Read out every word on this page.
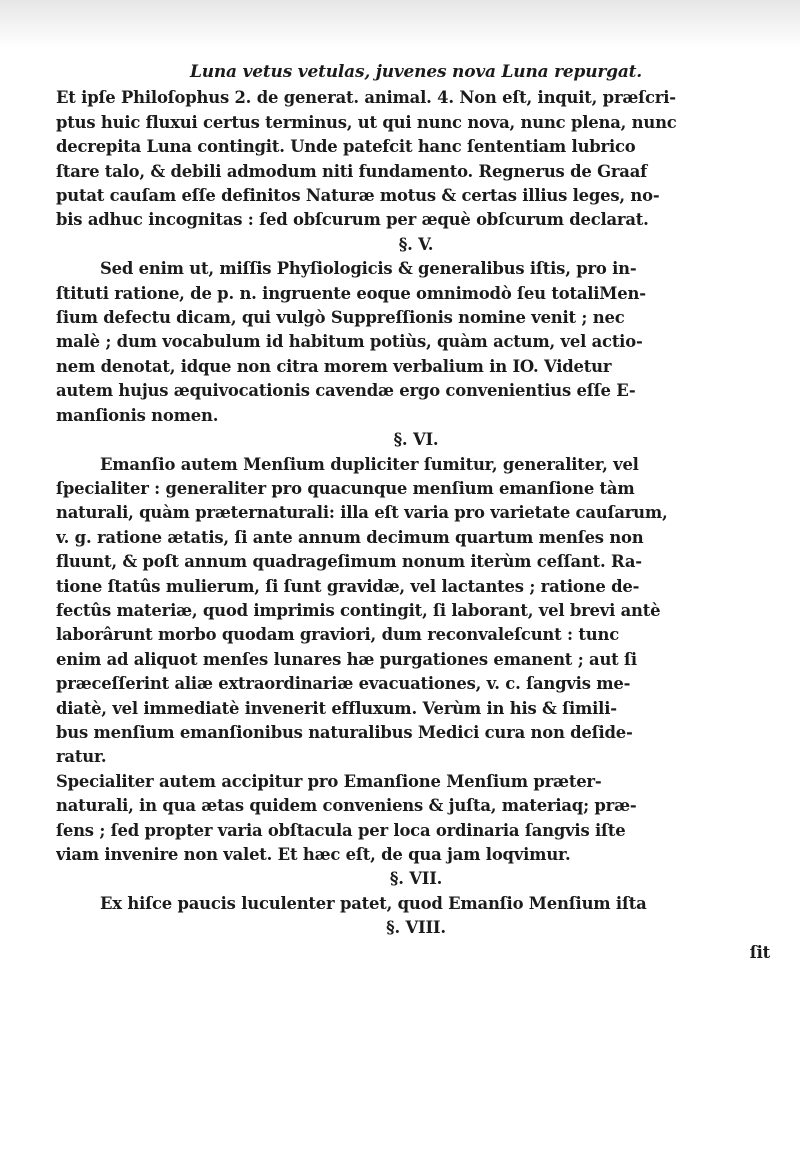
Luna vetus vetulas, juvenes nova Luna repurgat.
Et ipſe Philoſophus 2. de generat. animal. 4. Non eſt, inquit, præſcri-
ptus huic fluxui certus terminus, ut qui nunc nova, nunc plena, nunc
decrepita Luna contingit. Unde patefcit hanc ſententiam lubrico
ſtare talo, & debili admodum niti fundamento. Regnerus de Graaf
putat cauſam eſſe definitos Naturæ motus & certas illius leges, no-
bis adhuc incognitas : ſed obſcurum per æquè obſcurum declarat.
§. V.
Sed enim ut, miſſis Phyſiologicis & generalibus iſtis, pro in-
ſtituti ratione, de p. n. ingruente eoque omnimodò ſeu totaliMen-
ſium defectu dicam, qui vulgò Suppreſſionis nomine venit ; nec
malè ; dum vocabulum id habitum potiùs, quàm actum, vel actio-
nem denotat, idque non citra morem verbalium in IO. Videtur
autem hujus æquivocationis cavendæ ergo convenientius eſſe E-
manſionis nomen.
§. VI.
Emanſio autem Menſium dupliciter ſumitur, generaliter, vel
ſpecialiter : generaliter pro quacunque menſium emanſione tàm
naturali, quàm præternaturali: illa eſt varia pro varietate cauſarum,
v. g. ratione ætatis, ſi ante annum decimum quartum menſes non
fluunt, & poſt annum quadrageſimum nonum iterùm ceſſant. Ra-
tione ſtatûs mulierum, ſi ſunt gravidæ, vel lactantes ; ratione de-
fectûs materiæ, quod imprimis contingit, ſi laborant, vel brevi antè
laborârunt morbo quodam graviori, dum reconvaleſcunt : tunc
enim ad aliquot menſes lunares hæ purgationes emanent ; aut ſi
præceſſerint aliæ extraordinariæ evacuationes, v. c. ſangvis me-
diatè, vel immediatè invenerit effluxum. Verùm in his & ſimili-
bus menſium emanſionibus naturalibus Medici cura non deſide-
ratur.
Specialiter autem accipitur pro Emanſione Menſium præter-
naturali, in qua ætas quidem conveniens & juſta, materiaq; præ-
ſens ; ſed propter varia obſtacula per loca ordinaria ſangvis iſte
viam invenire non valet. Et hæc eſt, de qua jam loqvimur.
§. VII.
Ex hiſce paucis luculenter patet, quod Emanſio Menſium iſta
§. VIII.
ſit
